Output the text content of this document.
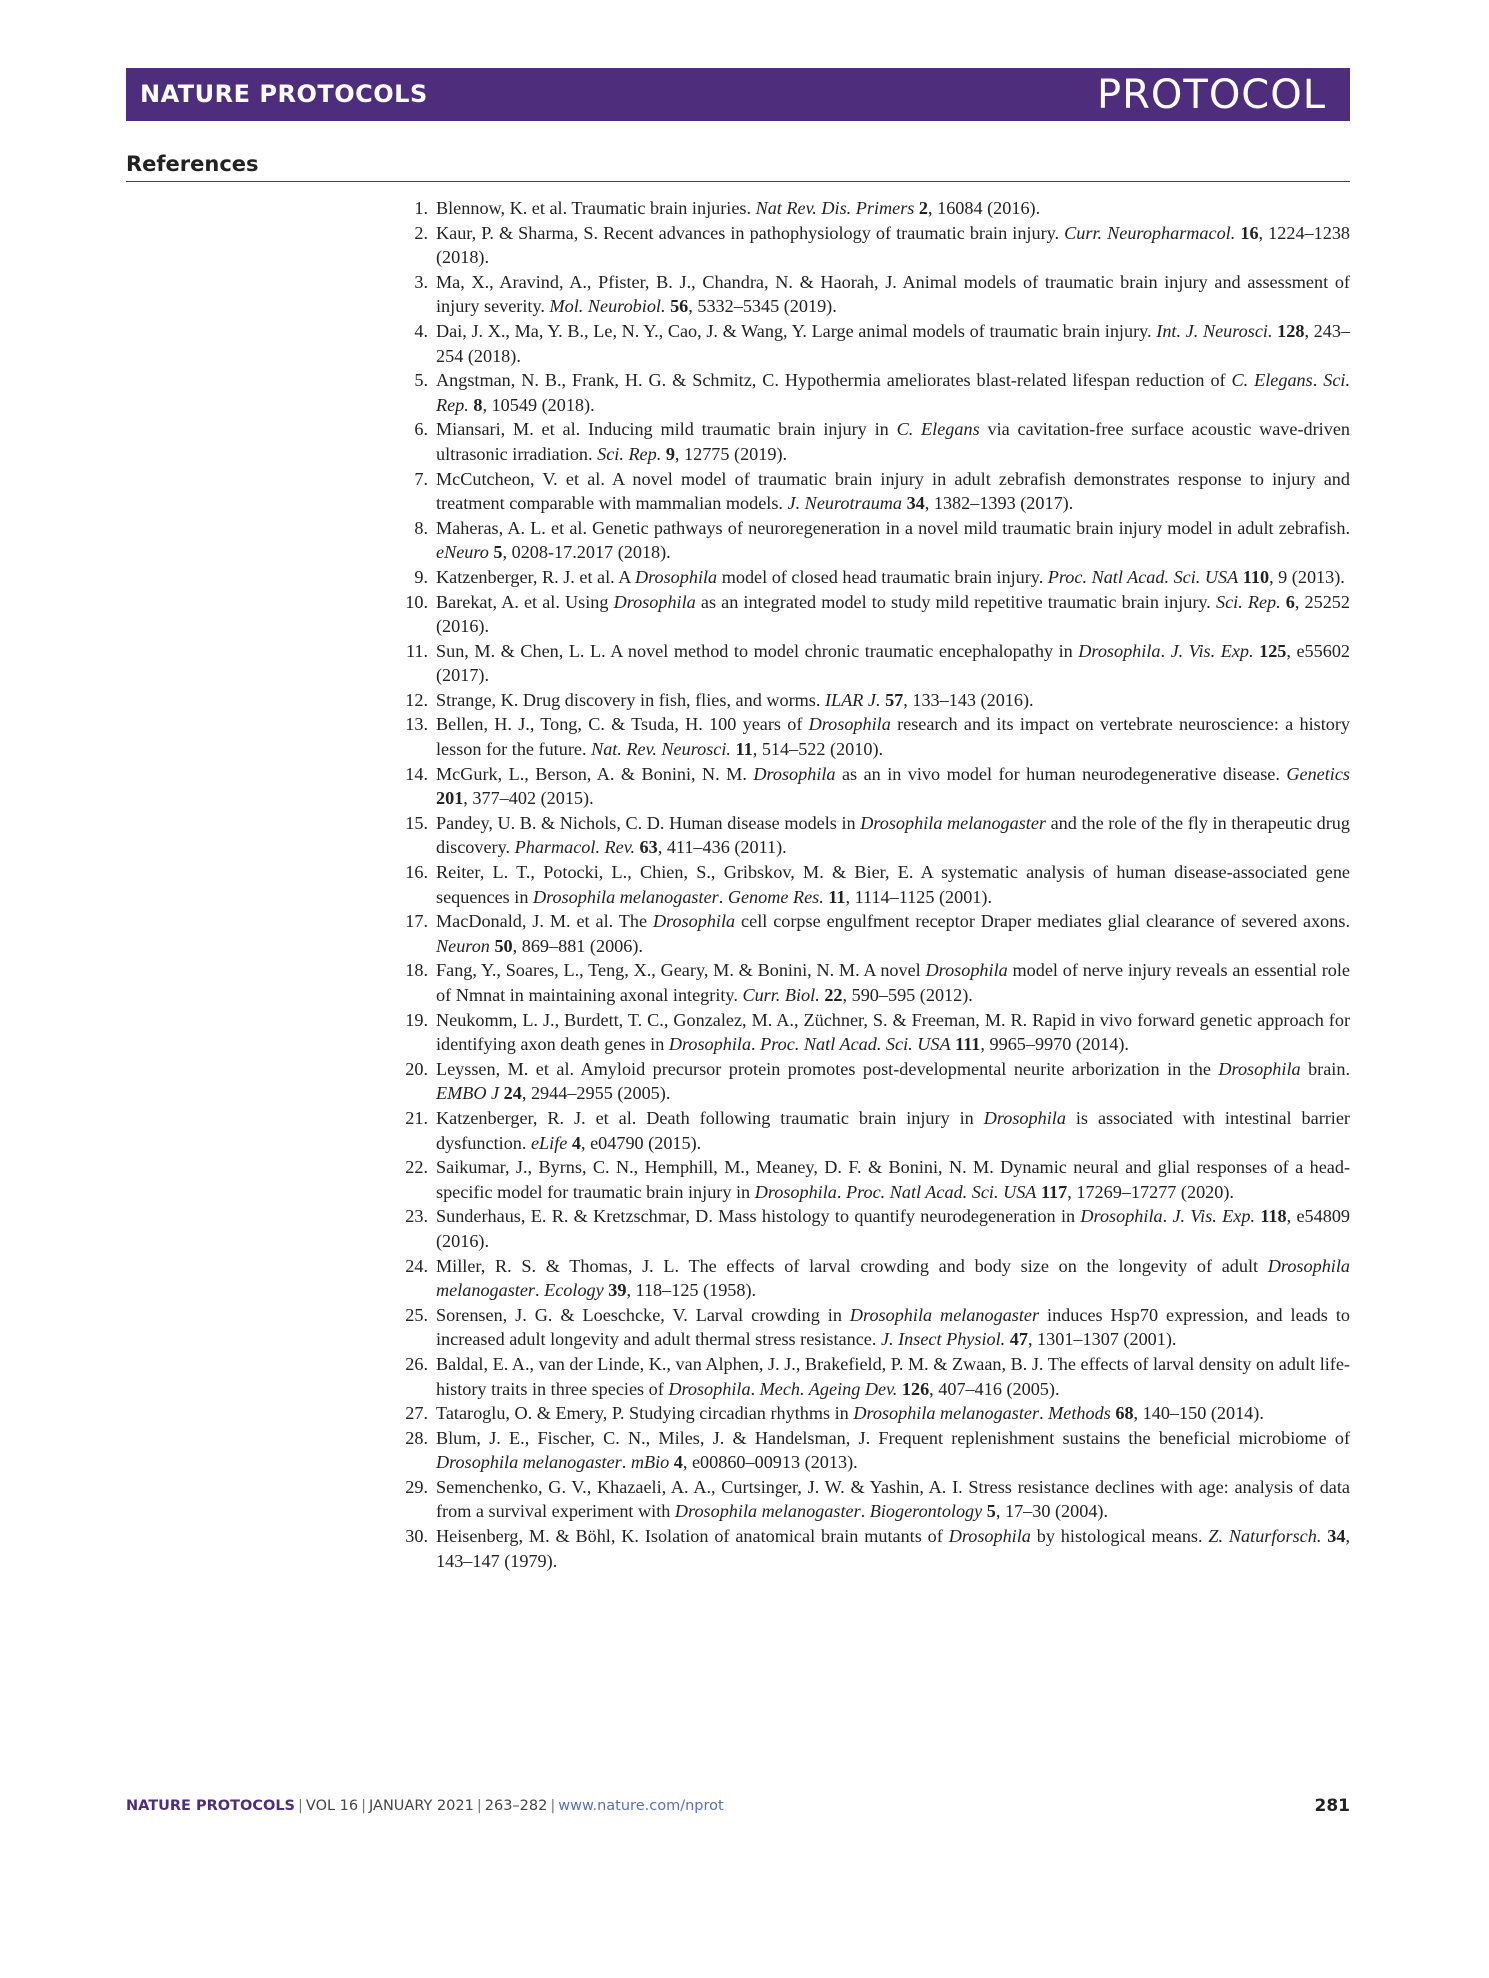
NATURE PROTOCOLS	PROTOCOL
References
1. Blennow, K. et al. Traumatic brain injuries. Nat Rev. Dis. Primers 2, 16084 (2016).
2. Kaur, P. & Sharma, S. Recent advances in pathophysiology of traumatic brain injury. Curr. Neuropharmacol. 16, 1224–1238 (2018).
3. Ma, X., Aravind, A., Pfister, B. J., Chandra, N. & Haorah, J. Animal models of traumatic brain injury and assessment of injury severity. Mol. Neurobiol. 56, 5332–5345 (2019).
4. Dai, J. X., Ma, Y. B., Le, N. Y., Cao, J. & Wang, Y. Large animal models of traumatic brain injury. Int. J. Neurosci. 128, 243–254 (2018).
5. Angstman, N. B., Frank, H. G. & Schmitz, C. Hypothermia ameliorates blast-related lifespan reduction of C. Elegans. Sci. Rep. 8, 10549 (2018).
6. Miansari, M. et al. Inducing mild traumatic brain injury in C. Elegans via cavitation-free surface acoustic wave-driven ultrasonic irradiation. Sci. Rep. 9, 12775 (2019).
7. McCutcheon, V. et al. A novel model of traumatic brain injury in adult zebrafish demonstrates response to injury and treatment comparable with mammalian models. J. Neurotrauma 34, 1382–1393 (2017).
8. Maheras, A. L. et al. Genetic pathways of neuroregeneration in a novel mild traumatic brain injury model in adult zebrafish. eNeuro 5, 0208-17.2017 (2018).
9. Katzenberger, R. J. et al. A Drosophila model of closed head traumatic brain injury. Proc. Natl Acad. Sci. USA 110, 9 (2013).
10. Barekat, A. et al. Using Drosophila as an integrated model to study mild repetitive traumatic brain injury. Sci. Rep. 6, 25252 (2016).
11. Sun, M. & Chen, L. L. A novel method to model chronic traumatic encephalopathy in Drosophila. J. Vis. Exp. 125, e55602 (2017).
12. Strange, K. Drug discovery in fish, flies, and worms. ILAR J. 57, 133–143 (2016).
13. Bellen, H. J., Tong, C. & Tsuda, H. 100 years of Drosophila research and its impact on vertebrate neuroscience: a history lesson for the future. Nat. Rev. Neurosci. 11, 514–522 (2010).
14. McGurk, L., Berson, A. & Bonini, N. M. Drosophila as an in vivo model for human neurodegenerative disease. Genetics 201, 377–402 (2015).
15. Pandey, U. B. & Nichols, C. D. Human disease models in Drosophila melanogaster and the role of the fly in therapeutic drug discovery. Pharmacol. Rev. 63, 411–436 (2011).
16. Reiter, L. T., Potocki, L., Chien, S., Gribskov, M. & Bier, E. A systematic analysis of human disease-associated gene sequences in Drosophila melanogaster. Genome Res. 11, 1114–1125 (2001).
17. MacDonald, J. M. et al. The Drosophila cell corpse engulfment receptor Draper mediates glial clearance of severed axons. Neuron 50, 869–881 (2006).
18. Fang, Y., Soares, L., Teng, X., Geary, M. & Bonini, N. M. A novel Drosophila model of nerve injury reveals an essential role of Nmnat in maintaining axonal integrity. Curr. Biol. 22, 590–595 (2012).
19. Neukomm, L. J., Burdett, T. C., Gonzalez, M. A., Züchner, S. & Freeman, M. R. Rapid in vivo forward genetic approach for identifying axon death genes in Drosophila. Proc. Natl Acad. Sci. USA 111, 9965–9970 (2014).
20. Leyssen, M. et al. Amyloid precursor protein promotes post-developmental neurite arborization in the Drosophila brain. EMBO J 24, 2944–2955 (2005).
21. Katzenberger, R. J. et al. Death following traumatic brain injury in Drosophila is associated with intestinal barrier dysfunction. eLife 4, e04790 (2015).
22. Saikumar, J., Byrns, C. N., Hemphill, M., Meaney, D. F. & Bonini, N. M. Dynamic neural and glial responses of a head-specific model for traumatic brain injury in Drosophila. Proc. Natl Acad. Sci. USA 117, 17269–17277 (2020).
23. Sunderhaus, E. R. & Kretzschmar, D. Mass histology to quantify neurodegeneration in Drosophila. J. Vis. Exp. 118, e54809 (2016).
24. Miller, R. S. & Thomas, J. L. The effects of larval crowding and body size on the longevity of adult Drosophila melanogaster. Ecology 39, 118–125 (1958).
25. Sorensen, J. G. & Loeschcke, V. Larval crowding in Drosophila melanogaster induces Hsp70 expression, and leads to increased adult longevity and adult thermal stress resistance. J. Insect Physiol. 47, 1301–1307 (2001).
26. Baldal, E. A., van der Linde, K., van Alphen, J. J., Brakefield, P. M. & Zwaan, B. J. The effects of larval density on adult life-history traits in three species of Drosophila. Mech. Ageing Dev. 126, 407–416 (2005).
27. Tataroglu, O. & Emery, P. Studying circadian rhythms in Drosophila melanogaster. Methods 68, 140–150 (2014).
28. Blum, J. E., Fischer, C. N., Miles, J. & Handelsman, J. Frequent replenishment sustains the beneficial microbiome of Drosophila melanogaster. mBio 4, e00860–00913 (2013).
29. Semenchenko, G. V., Khazaeli, A. A., Curtsinger, J. W. & Yashin, A. I. Stress resistance declines with age: analysis of data from a survival experiment with Drosophila melanogaster. Biogerontology 5, 17–30 (2004).
30. Heisenberg, M. & Böhl, K. Isolation of anatomical brain mutants of Drosophila by histological means. Z. Naturforsch. 34, 143–147 (1979).
NATURE PROTOCOLS | VOL 16 | JANUARY 2021 | 263–282 | www.nature.com/nprot	281
